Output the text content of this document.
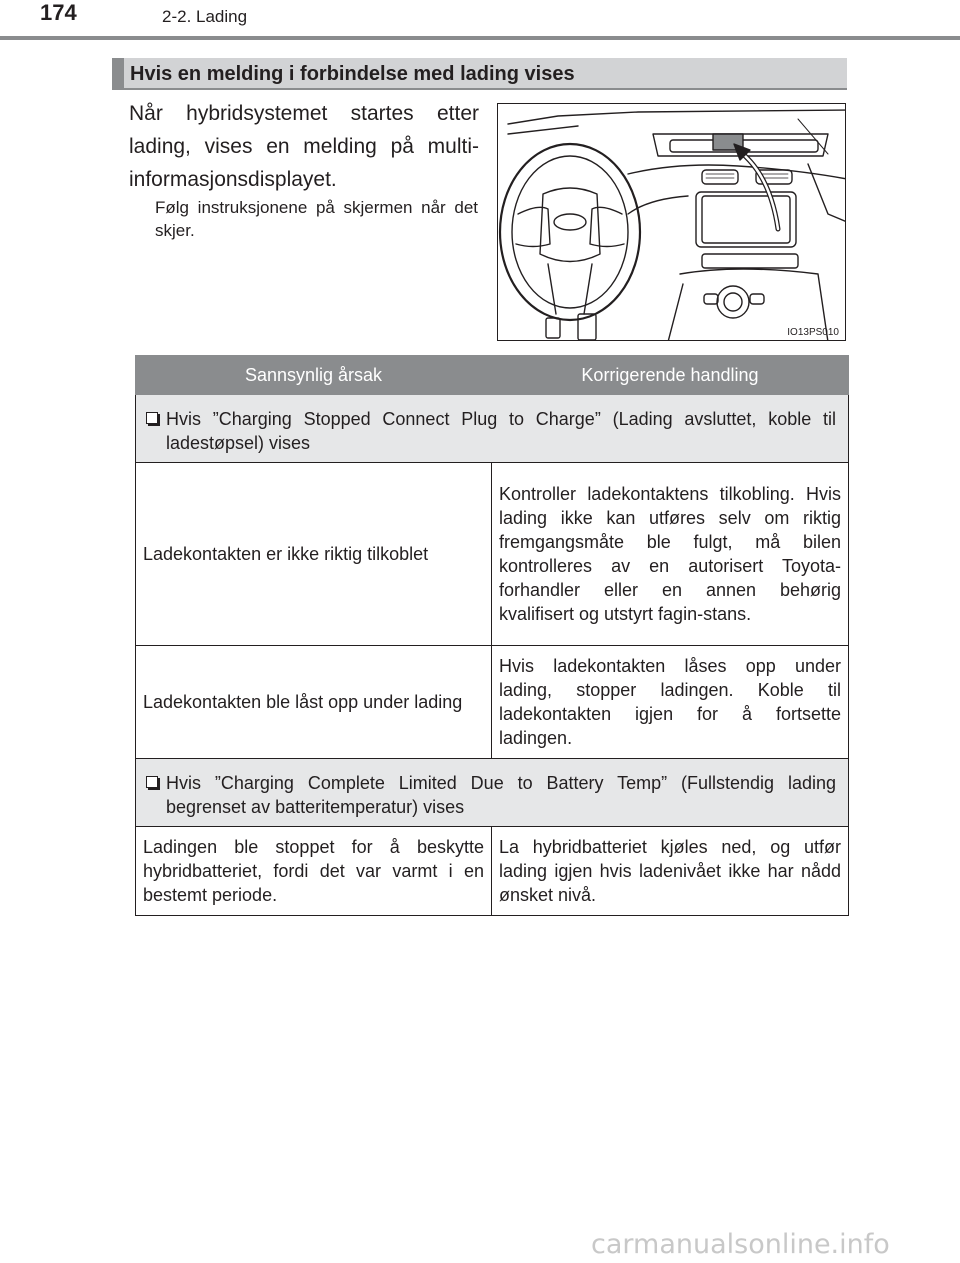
174	2-2. Lading
Hvis en melding i forbindelse med lading vises
Når hybridsystemet startes etter lading, vises en melding på multi-informasjonsdisplayet.
Følg instruksjonene på skjermen når det skjer.
IO13PS010
Sannsynlig årsak	Korrigerende handling

Hvis ”Charging Stopped Connect Plug to Charge” (Lading avsluttet, koble til ladestøpsel) vises	

Ladekontakten er ikke riktig tilkoblet	Kontroller ladekontaktens tilkobling. Hvis lading ikke kan utføres selv om riktig fremgangsmåte ble fulgt, må bilen kontrolleres av en autorisert Toyota-forhandler eller en annen behørig kvalifisert og utstyrt fagin-stans.
Ladekontakten ble låst opp under lading	Hvis ladekontakten låses opp under lading, stopper ladingen. Koble til ladekontakten igjen for å fortsette ladingen.

Hvis ”Charging Complete Limited Due to Battery Temp” (Fullstendig lading begrenset av batteritemperatur) vises	

Ladingen ble stoppet for å beskytte hybridbatteriet, fordi det var varmt i en bestemt periode.	La hybridbatteriet kjøles ned, og utfør lading igjen hvis ladenivået ikke har nådd ønsket nivå.
carmanualsonline.info
